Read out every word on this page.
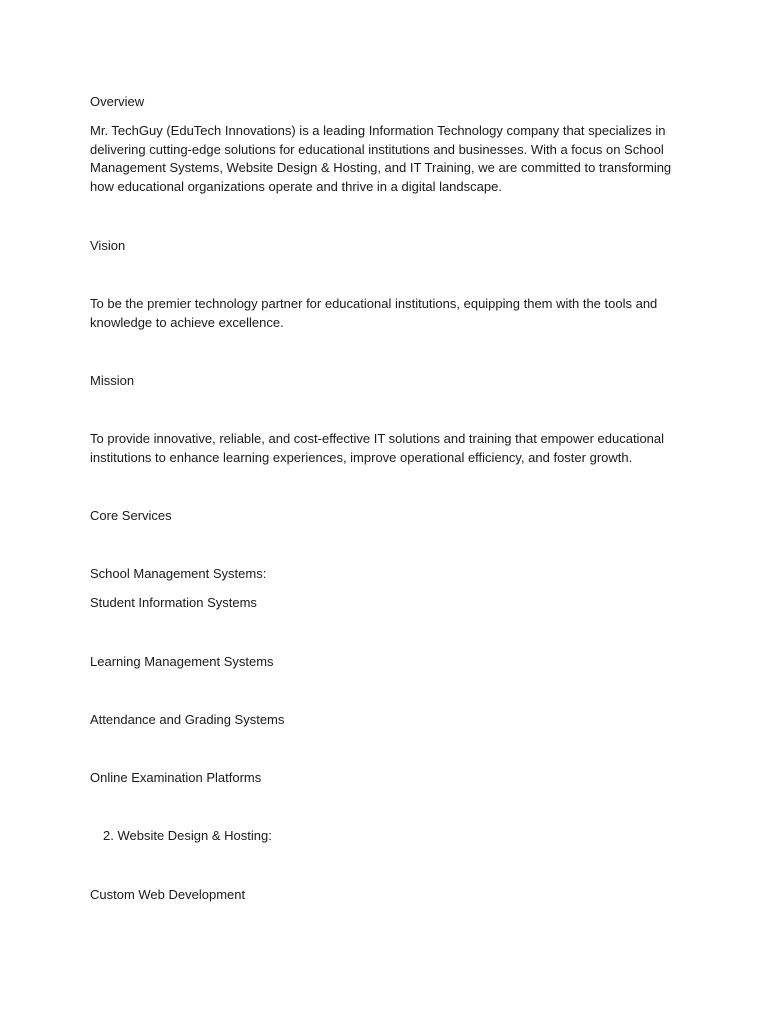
Overview
Mr. TechGuy (EduTech Innovations) is a leading Information Technology company that specializes in
delivering cutting-edge solutions for educational institutions and businesses. With a focus on School
Management Systems, Website Design & Hosting, and IT Training, we are committed to transforming
how educational organizations operate and thrive in a digital landscape.
Vision
To be the premier technology partner for educational institutions, equipping them with the tools and
knowledge to achieve excellence.
Mission
To provide innovative, reliable, and cost-effective IT solutions and training that empower educational
institutions to enhance learning experiences, improve operational efficiency, and foster growth.
Core Services
School Management Systems:
Student Information Systems
Learning Management Systems
Attendance and Grading Systems
Online Examination Platforms
2. Website Design & Hosting:
Custom Web Development
